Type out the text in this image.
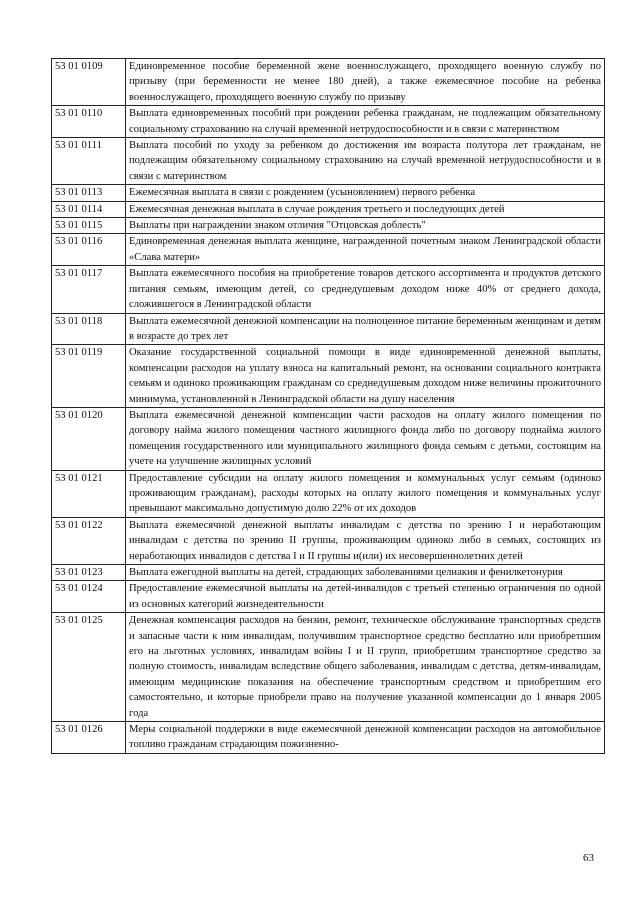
53 01 0109	Единовременное пособие беременной жене военнослужащего, проходящего военную службу по призыву (при беременности не менее 180 дней), а также ежемесячное пособие на ребенка военнослужащего, проходящего военную службу по призыву
53 01 0110	Выплата единовременных пособий при рождении ребенка гражданам, не подлежащим обязательному социальному страхованию на случай временной нетрудоспособности и в связи с материнством
53 01 0111	Выплата пособий по уходу за ребенком до достижения им возраста полутора лет гражданам, не подлежащим обязательному социальному страхованию на случай временной нетрудоспособности и в связи с материнством
53 01 0113	Ежемесячная выплата в связи с рождением (усыновлением) первого ребенка
53 01 0114	Ежемесячная денежная выплата в случае рождения третьего и последующих детей
53 01 0115	Выплаты при награждении знаком отличия "Отцовская доблесть"
53 01 0116	Единовременная денежная выплата женщине, награжденной почетным знаком Ленинградской области «Слава матери»
53 01 0117	Выплата ежемесячного пособия на приобретение товаров детского ассортимента и продуктов детского питания семьям, имеющим детей, со среднедушевым доходом ниже 40% от среднего дохода, сложившегося в Ленинградской области
53 01 0118	Выплата ежемесячной денежной компенсации на полноценное питание беременным женщинам и детям в возрасте до трех лет
53 01 0119	Оказание государственной социальной помощи в виде единовременной денежной выплаты, компенсации расходов на уплату взноса на капитальный ремонт, на основании социального контракта семьям и одиноко проживающим гражданам со среднедушевым доходом ниже величины прожиточного минимума, установленной в Ленинградской области на душу населения
53 01 0120	Выплата ежемесячной денежной компенсации части расходов на оплату жилого помещения по договору найма жилого помещения частного жилищного фонда либо по договору поднайма жилого помещения государственного или муниципального жилищного фонда семьям с детьми, состоящим на учете на улучшение жилищных условий
53 01 0121	Предоставление субсидии на оплату жилого помещения и коммунальных услуг семьям (одиноко проживающим гражданам), расходы которых на оплату жилого помещения и коммунальных услуг превышают максимально допустимую долю 22% от их доходов
53 01 0122	Выплата ежемесячной денежной выплаты инвалидам с детства по зрению I и неработающим инвалидам с детства по зрению II группы, проживающим одиноко либо в семьях, состоящих из неработающих инвалидов с детства I и II группы и(или) их несовершеннолетних детей
53 01 0123	Выплата ежегодной выплаты на детей, страдающих заболеваниями целиакия и фенилкетонурия
53 01 0124	Предоставление ежемесячной выплаты на детей-инвалидов с третьей степенью ограничения по одной из основных категорий жизнедеятельности
53 01 0125	Денежная компенсация расходов на бензин, ремонт, техническое обслуживание транспортных средств и запасные части к ним инвалидам, получившим транспортное средство бесплатно или приобретшим его на льготных условиях, инвалидам войны I и II групп, приобретшим транспортное средство за полную стоимость, инвалидам вследствие общего заболевания, инвалидам с детства, детям-инвалидам, имеющим медицинские показания на обеспечение транспортным средством и приобретшим его самостоятельно, и которые приобрели право на получение указанной компенсации до 1 января 2005 года
53 01 0126	Меры социальной поддержки в виде ежемесячной денежной компенсации расходов на автомобильное топливо гражданам страдающим пожизненно-
63
